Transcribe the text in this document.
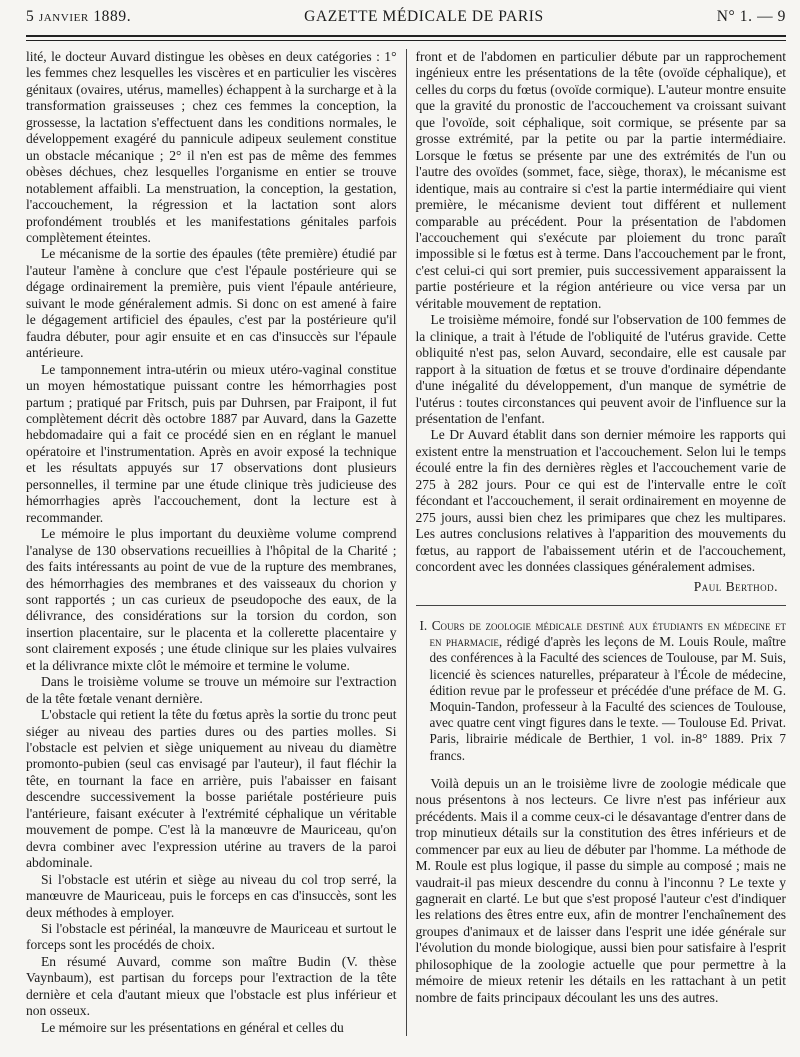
5 janvier 1889.	GAZETTE MÉDICALE DE PARIS	N° 1. — 9

lité, le docteur Auvard distingue les obèses en deux catégories : 1° les femmes chez lesquelles les viscères et en particulier les viscères génitaux (ovaires, utérus, mamelles) échappent à la surcharge et à la transformation graisseuses ; chez ces femmes la conception, la grossesse, la lactation s'effectuent dans les conditions normales, le développement exagéré du pannicule adipeux seulement constitue un obstacle mécanique ; 2° il n'en est pas de même des femmes obèses déchues, chez lesquelles l'organisme en entier se trouve notablement affaibli. La menstruation, la conception, la gestation, l'accouchement, la régression et la lactation sont alors profondément troublés et les manifestations génitales parfois complètement éteintes.

Le mécanisme de la sortie des épaules (tête première) étudié par l'auteur l'amène à conclure que c'est l'épaule postérieure qui se dégage ordinairement la première, puis vient l'épaule antérieure, suivant le mode généralement admis. Si donc on est amené à faire le dégagement artificiel des épaules, c'est par la postérieure qu'il faudra débuter, pour agir ensuite et en cas d'insuccès sur l'épaule antérieure.

Le tamponnement intra-utérin ou mieux utéro-vaginal constitue un moyen hémostatique puissant contre les hémorrhagies post partum ; pratiqué par Fritsch, puis par Duhrsen, par Fraipont, il fut complètement décrit dès octobre 1887 par Auvard, dans la Gazette hebdomadaire qui a fait ce procédé sien en en réglant le manuel opératoire et l'instrumentation. Après en avoir exposé la technique et les résultats appuyés sur 17 observations dont plusieurs personnelles, il termine par une étude clinique très judicieuse des hémorrhagies après l'accouchement, dont la lecture est à recommander.

Le mémoire le plus important du deuxième volume comprend l'analyse de 130 observations recueillies à l'hôpital de la Charité ; des faits intéressants au point de vue de la rupture des membranes, des hémorrhagies des membranes et des vaisseaux du chorion y sont rapportés ; un cas curieux de pseudopoche des eaux, de la délivrance, des considérations sur la torsion du cordon, son insertion placentaire, sur le placenta et la collerette placentaire y sont clairement exposés ; une étude clinique sur les plaies vulvaires et la délivrance mixte clôt le mémoire et termine le volume.

Dans le troisième volume se trouve un mémoire sur l'extraction de la tête fœtale venant dernière.

L'obstacle qui retient la tête du fœtus après la sortie du tronc peut siéger au niveau des parties dures ou des parties molles. Si l'obstacle est pelvien et siège uniquement au niveau du diamètre promonto-pubien (seul cas envisagé par l'auteur), il faut fléchir la tête, en tournant la face en arrière, puis l'abaisser en faisant descendre successivement la bosse pariétale postérieure puis l'antérieure, faisant exécuter à l'extrémité céphalique un véritable mouvement de pompe. C'est là la manœuvre de Mauriceau, qu'on devra combiner avec l'expression utérine au travers de la paroi abdominale.

Si l'obstacle est utérin et siège au niveau du col trop serré, la manœuvre de Mauriceau, puis le forceps en cas d'insuccès, sont les deux méthodes à employer.

Si l'obstacle est périnéal, la manœuvre de Mauriceau et surtout le forceps sont les procédés de choix.

En résumé Auvard, comme son maître Budin (V. thèse Vaynbaum), est partisan du forceps pour l'extraction de la tête dernière et cela d'autant mieux que l'obstacle est plus inférieur et non osseux.

Le mémoire sur les présentations en général et celles du

front et de l'abdomen en particulier débute par un rapprochement ingénieux entre les présentations de la tête (ovoïde céphalique), et celles du corps du fœtus (ovoïde cormique). L'auteur montre ensuite que la gravité du pronostic de l'accouchement va croissant suivant que l'ovoïde, soit céphalique, soit cormique, se présente par sa grosse extrémité, par la petite ou par la partie intermédiaire. Lorsque le fœtus se présente par une des extrémités de l'un ou l'autre des ovoïdes (sommet, face, siège, thorax), le mécanisme est identique, mais au contraire si c'est la partie intermédiaire qui vient première, le mécanisme devient tout différent et nullement comparable au précédent. Pour la présentation de l'abdomen l'accouchement qui s'exécute par ploiement du tronc paraît impossible si le fœtus est à terme. Dans l'accouchement par le front, c'est celui-ci qui sort premier, puis successivement apparaissent la partie postérieure et la région antérieure ou vice versa par un véritable mouvement de reptation.

Le troisième mémoire, fondé sur l'observation de 100 femmes de la clinique, a trait à l'étude de l'obliquité de l'utérus gravide. Cette obliquité n'est pas, selon Auvard, secondaire, elle est causale par rapport à la situation de fœtus et se trouve d'ordinaire dépendante d'une inégalité du développement, d'un manque de symétrie de l'utérus : toutes circonstances qui peuvent avoir de l'influence sur la présentation de l'enfant.

Le Dr Auvard établit dans son dernier mémoire les rapports qui existent entre la menstruation et l'accouchement. Selon lui le temps écoulé entre la fin des dernières règles et l'accouchement varie de 275 à 282 jours. Pour ce qui est de l'intervalle entre le coït fécondant et l'accouchement, il serait ordinairement en moyenne de 275 jours, aussi bien chez les primipares que chez les multipares. Les autres conclusions relatives à l'apparition des mouvements du fœtus, au rapport de l'abaissement utérin et de l'accouchement, concordent avec les données classiques généralement admises.

Paul Berthod.

I. Cours de zoologie médicale destiné aux étudiants en médecine et en pharmacie, rédigé d'après les leçons de M. Louis Roule, maître des conférences à la Faculté des sciences de Toulouse, par M. Suis, licencié ès sciences naturelles, préparateur à l'École de médecine, édition revue par le professeur et précédée d'une préface de M. G. Moquin-Tandon, professeur à la Faculté des sciences de Toulouse, avec quatre cent vingt figures dans le texte. — Toulouse Ed. Privat. Paris, librairie médicale de Berthier, 1 vol. in-8° 1889. Prix 7 francs.

Voilà depuis un an le troisième livre de zoologie médicale que nous présentons à nos lecteurs. Ce livre n'est pas inférieur aux précédents. Mais il a comme ceux-ci le désavantage d'entrer dans de trop minutieux détails sur la constitution des êtres inférieurs et de commencer par eux au lieu de débuter par l'homme. La méthode de M. Roule est plus logique, il passe du simple au composé ; mais ne vaudrait-il pas mieux descendre du connu à l'inconnu ? Le texte y gagnerait en clarté. Le but que s'est proposé l'auteur c'est d'indiquer les relations des êtres entre eux, afin de montrer l'enchaînement des groupes d'animaux et de laisser dans l'esprit une idée générale sur l'évolution du monde biologique, aussi bien pour satisfaire à l'esprit philosophique de la zoologie actuelle que pour permettre à la mémoire de mieux retenir les détails en les rattachant à un petit nombre de faits principaux découlant les uns des autres.
